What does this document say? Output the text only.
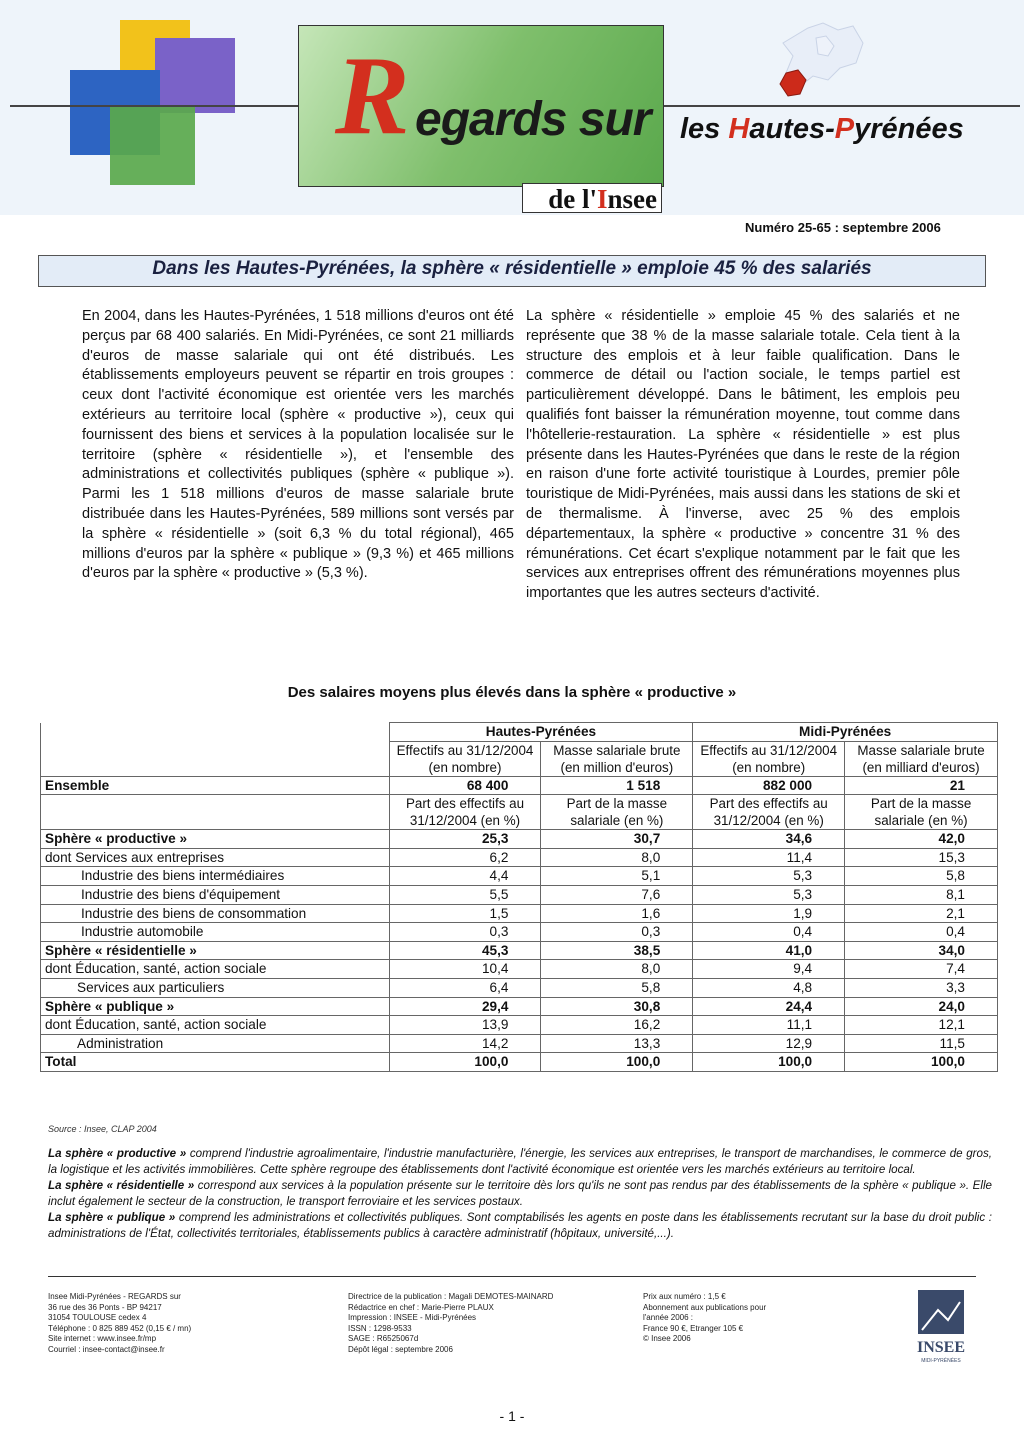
R egards sur
de l'Insee
les Hautes-Pyrénées
Numéro 25-65 : septembre 2006
Dans les Hautes-Pyrénées, la sphère « résidentielle » emploie 45 % des salariés
En 2004, dans les Hautes-Pyrénées, 1 518 millions d'euros ont été perçus par 68 400 salariés. En Midi-Pyrénées, ce sont 21 milliards d'euros de masse salariale qui ont été distribués. Les établissements employeurs peuvent se répartir en trois groupes : ceux dont l'activité économique est orientée vers les marchés extérieurs au territoire local (sphère « productive »), ceux qui fournissent des biens et services à la population localisée sur le territoire (sphère « résidentielle »), et l'ensemble des administrations et collectivités publiques (sphère « publique »). Parmi les 1 518 millions d'euros de masse salariale brute distribuée dans les Hautes-Pyrénées, 589 millions sont versés par la sphère « résidentielle » (soit 6,3 % du total régional), 465 millions d'euros par la sphère « publique » (9,3 %) et 465 millions d'euros par la sphère « productive » (5,3 %).
La sphère « résidentielle » emploie 45 % des salariés et ne représente que 38 % de la masse salariale totale. Cela tient à la structure des emplois et à leur faible qualification. Dans le commerce de détail ou l'action sociale, le temps partiel est particulièrement développé. Dans le bâtiment, les emplois peu qualifiés font baisser la rémunération moyenne, tout comme dans l'hôtellerie-restauration. La sphère « résidentielle » est plus présente dans les Hautes-Pyrénées que dans le reste de la région en raison d'une forte activité touristique à Lourdes, premier pôle touristique de Midi-Pyrénées, mais aussi dans les stations de ski et de thermalisme. À l'inverse, avec 25 % des emplois départementaux, la sphère « productive » concentre 31 % des rémunérations. Cet écart s'explique notamment par le fait que les services aux entreprises offrent des rémunérations moyennes plus importantes que les autres secteurs d'activité.
Des salaires moyens plus élevés dans la sphère « productive »
	Hautes-Pyrénées		Midi-Pyrénées	
	Effectifs au 31/12/2004 (en nombre)	Masse salariale brute (en million d'euros)	Effectifs au 31/12/2004 (en nombre)	Masse salariale brute (en milliard d'euros)
Ensemble	68 400	1 518	882 000	21
	Part des effectifs au 31/12/2004 (en %)	Part de la masse salariale (en %)	Part des effectifs au 31/12/2004 (en %)	Part de la masse salariale (en %)
Sphère « productive »	25,3	30,7	34,6	42,0
dont Services aux entreprises	6,2	8,0	11,4	15,3
Industrie des biens intermédiaires	4,4	5,1	5,3	5,8
Industrie des biens d'équipement	5,5	7,6	5,3	8,1
Industrie des biens de consommation	1,5	1,6	1,9	2,1
Industrie automobile	0,3	0,3	0,4	0,4
Sphère « résidentielle »	45,3	38,5	41,0	34,0
dont Éducation, santé, action sociale	10,4	8,0	9,4	7,4
Services aux particuliers	6,4	5,8	4,8	3,3
Sphère « publique »	29,4	30,8	24,4	24,0
dont Éducation, santé, action sociale	13,9	16,2	11,1	12,1
Administration	14,2	13,3	12,9	11,5
Total	100,0	100,0	100,0	100,0
Source : Insee, CLAP 2004
La sphère « productive » comprend l'industrie agroalimentaire, l'industrie manufacturière, l'énergie, les services aux entreprises, le transport de marchandises, le commerce de gros, la logistique et les activités immobilières. Cette sphère regroupe des établissements dont l'activité économique est orientée vers les marchés extérieurs au territoire local.
La sphère « résidentielle » correspond aux services à la population présente sur le territoire dès lors qu'ils ne sont pas rendus par des établissements de la sphère « publique ». Elle inclut également le secteur de la construction, le transport ferroviaire et les services postaux.
La sphère « publique » comprend les administrations et collectivités publiques. Sont comptabilisés les agents en poste dans les établissements recrutant sur la base du droit public : administrations de l'État, collectivités territoriales, établissements publics à caractère administratif (hôpitaux, université,...).
Insee Midi-Pyrénées - REGARDS sur
36 rue des 36 Ponts - BP 94217
31054 TOULOUSE cedex 4
Téléphone : 0 825 889 452 (0,15 € / mn)
Site internet : www.insee.fr/mp
Courriel : insee-contact@insee.fr
Directrice de la publication : Magali DEMOTES-MAINARD
Rédactrice en chef : Marie-Pierre PLAUX
Impression : INSEE - Midi-Pyrénées
ISSN : 1298-9533
SAGE : R6525067d
Dépôt légal : septembre 2006
Prix aux numéro : 1,5 €
Abonnement aux publications pour
l'année 2006 :
France 90 €, Etranger 105 €
© Insee 2006
INSEE
MIDI-PYRÉNÉES
- 1 -
